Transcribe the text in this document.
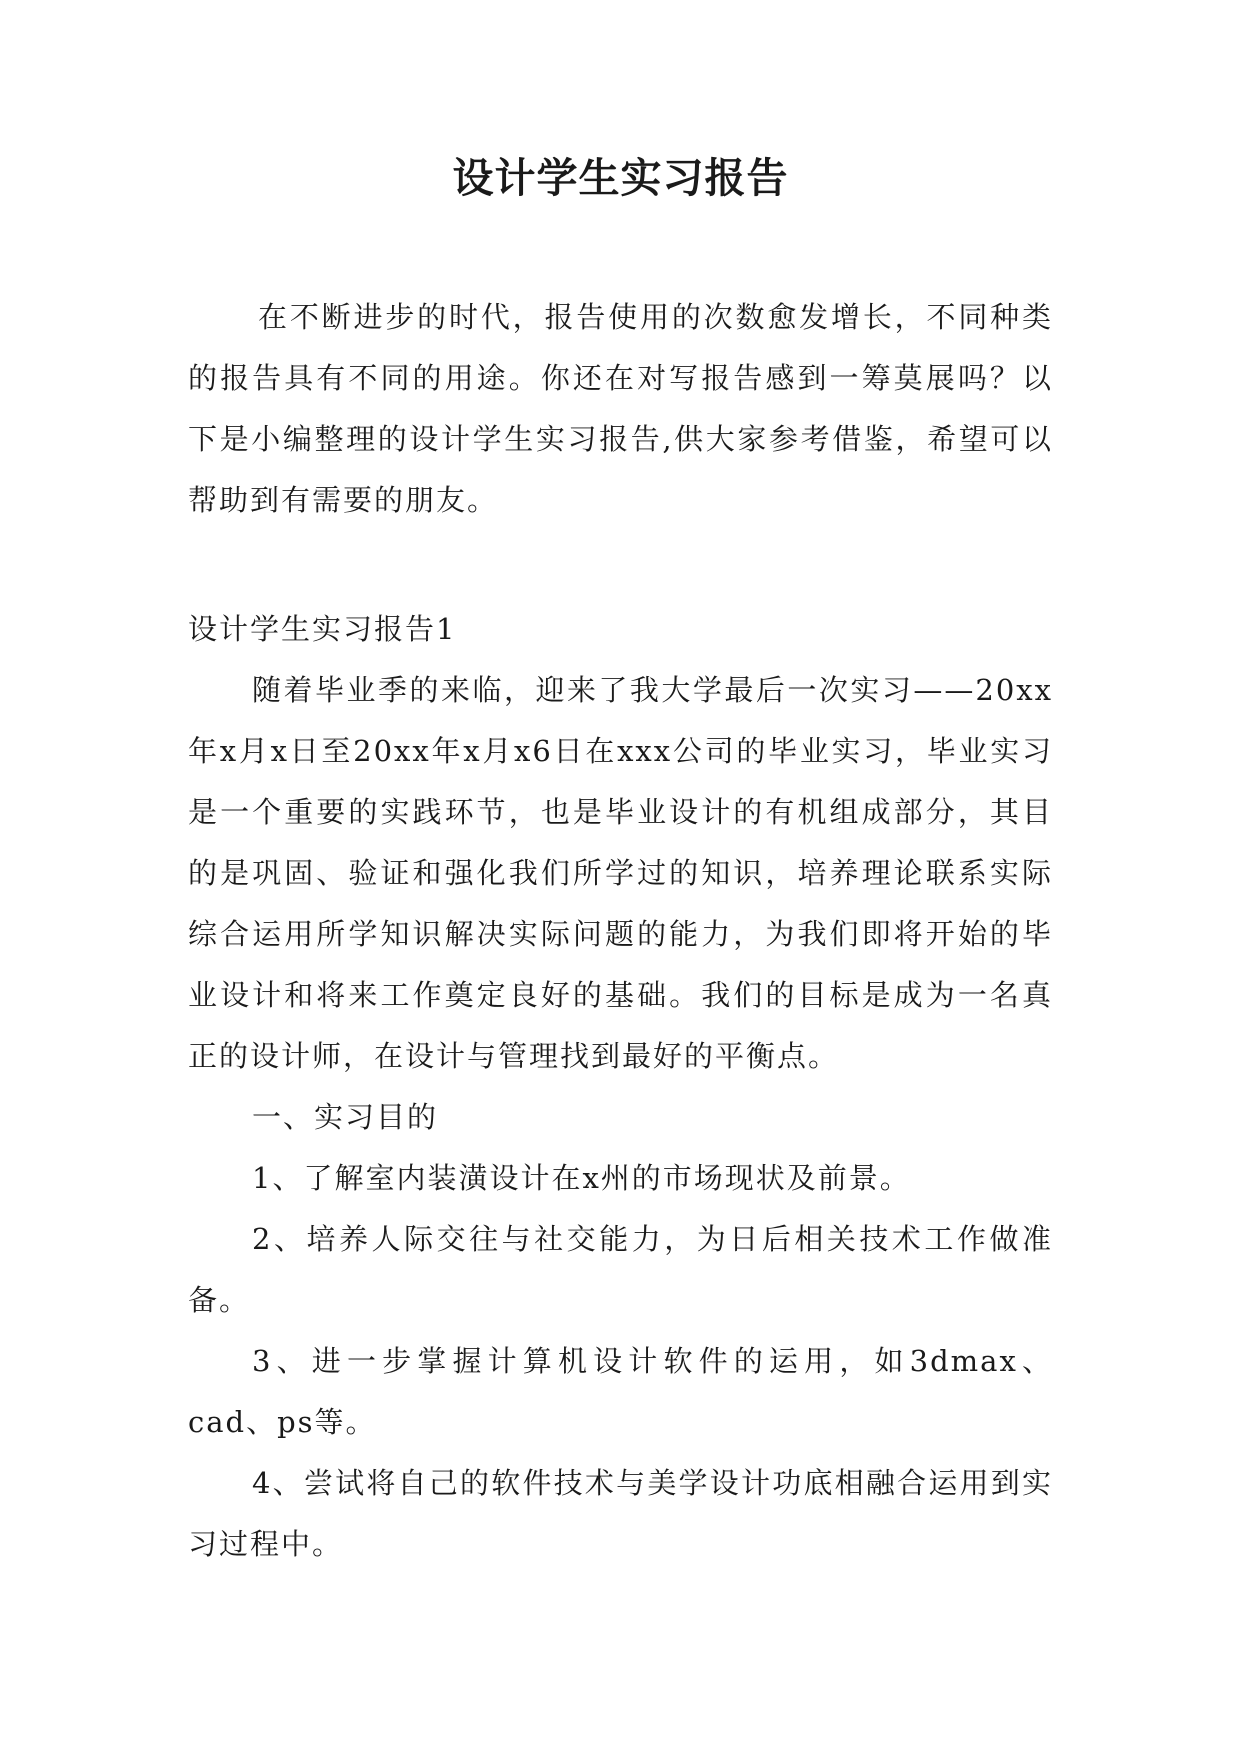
设计学生实习报告

在不断进步的时代，报告使用的次数愈发增长，不同种类的报告具有不同的用途。你还在对写报告感到一筹莫展吗？以下是小编整理的设计学生实习报告,供大家参考借鉴，希望可以帮助到有需要的朋友。

设计学生实习报告1

随着毕业季的来临，迎来了我大学最后一次实习——20xx年x月x日至20xx年x月x6日在xxx公司的毕业实习，毕业实习是一个重要的实践环节，也是毕业设计的有机组成部分，其目的是巩固、验证和强化我们所学过的知识，培养理论联系实际综合运用所学知识解决实际问题的能力，为我们即将开始的毕业设计和将来工作奠定良好的基础。我们的目标是成为一名真正的设计师，在设计与管理找到最好的平衡点。

一、实习目的

1、了解室内装潢设计在x州的市场现状及前景。

2、培养人际交往与社交能力，为日后相关技术工作做准备。

3、进一步掌握计算机设计软件的运用，如3dmax、cad、ps等。

4、尝试将自己的软件技术与美学设计功底相融合运用到实习过程中。
